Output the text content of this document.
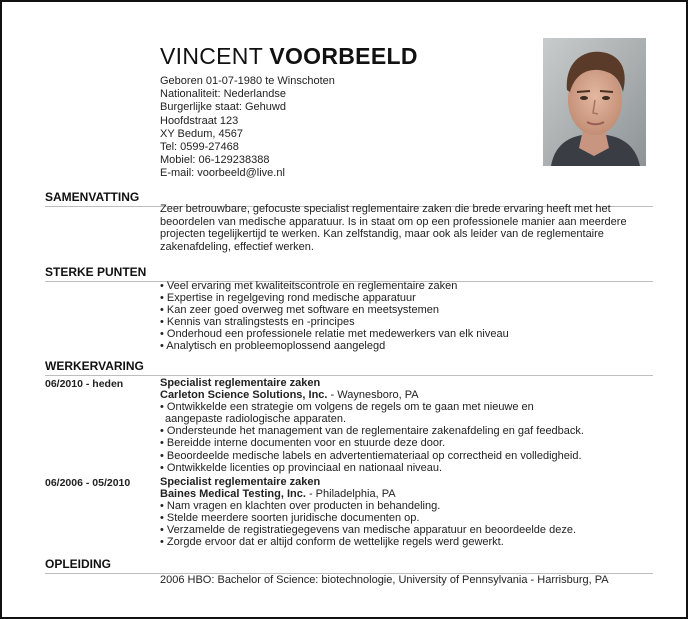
VINCENT VOORBEELD
Geboren 01-07-1980 te Winschoten
Nationaliteit: Nederlandse
Burgerlijke staat: Gehuwd
Hoofdstraat 123
XY Bedum, 4567
Tel: 0599-27468
Mobiel: 06-129238388
E-mail: voorbeeld@live.nl
SAMENVATTING
Zeer betrouwbare, gefocuste specialist reglementaire zaken die brede ervaring heeft met het beoordelen van medische apparatuur. Is in staat om op een professionele manier aan meerdere projecten tegelijkertijd te werken. Kan zelfstandig, maar ook als leider van de reglementaire zakenafdeling, effectief werken.
STERKE PUNTEN
• Veel ervaring met kwaliteitscontrole en reglementaire zaken
• Expertise in regelgeving rond medische apparatuur
• Kan zeer goed overweg met software en meetsystemen
• Kennis van stralingstests en -principes
• Onderhoud een professionele relatie met medewerkers van elk niveau
• Analytisch en probleemoplossend aangelegd
WERKERVARING
06/2010 - heden	Specialist reglementaire zaken
Carleton Science Solutions, Inc. - Waynesboro, PA
• Ontwikkelde een strategie om volgens de regels om te gaan met nieuwe en
aangepaste radiologische apparaten.
• Ondersteunde het management van de reglementaire zakenafdeling en gaf feedback.
• Bereidde interne documenten voor en stuurde deze door.
• Beoordeelde medische labels en advertentiemateriaal op correctheid en volledigheid.
• Ontwikkelde licenties op provinciaal en nationaal niveau.
06/2006 - 05/2010	Specialist reglementaire zaken
Baines Medical Testing, Inc. - Philadelphia, PA
• Nam vragen en klachten over producten in behandeling.
• Stelde meerdere soorten juridische documenten op.
• Verzamelde de registratiegegevens van medische apparatuur en beoordeelde deze.
• Zorgde ervoor dat er altijd conform de wettelijke regels werd gewerkt.
OPLEIDING
2006 HBO: Bachelor of Science: biotechnologie, University of Pennsylvania - Harrisburg, PA
